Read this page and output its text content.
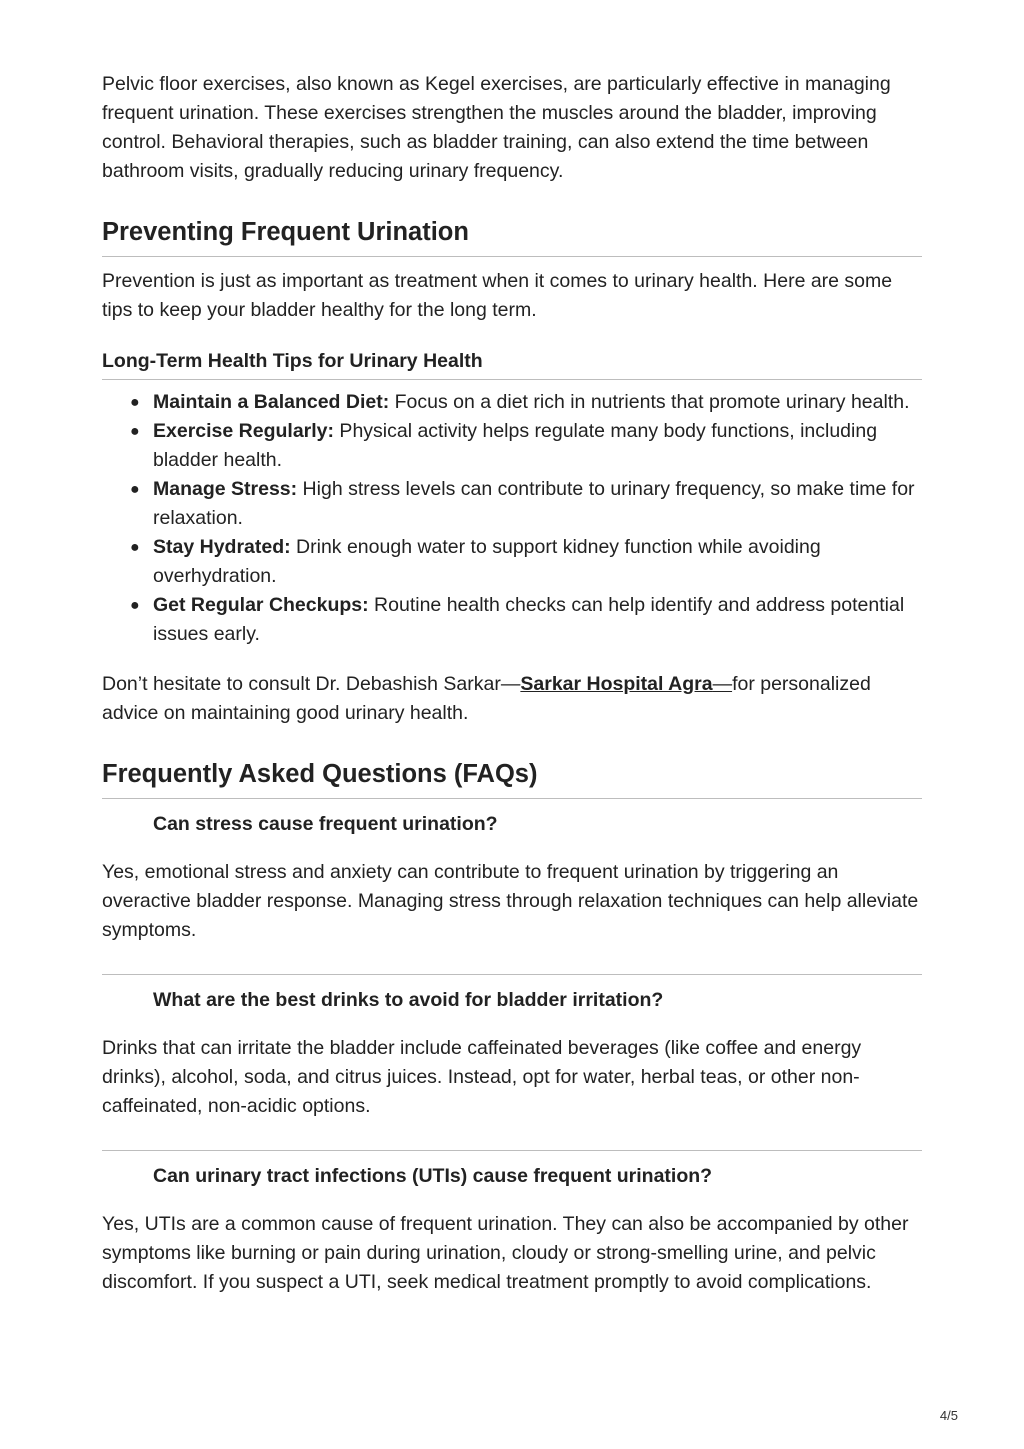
Pelvic floor exercises, also known as Kegel exercises, are particularly effective in managing frequent urination. These exercises strengthen the muscles around the bladder, improving control. Behavioral therapies, such as bladder training, can also extend the time between bathroom visits, gradually reducing urinary frequency.

Preventing Frequent Urination

Prevention is just as important as treatment when it comes to urinary health. Here are some tips to keep your bladder healthy for the long term.

Long-Term Health Tips for Urinary Health
● Maintain a Balanced Diet: Focus on a diet rich in nutrients that promote urinary health.
● Exercise Regularly: Physical activity helps regulate many body functions, including bladder health.
● Manage Stress: High stress levels can contribute to urinary frequency, so make time for relaxation.
● Stay Hydrated: Drink enough water to support kidney function while avoiding overhydration.
● Get Regular Checkups: Routine health checks can help identify and address potential issues early.

Don’t hesitate to consult Dr. Debashish Sarkar—Sarkar Hospital Agra—for personalized advice on maintaining good urinary health.

Frequently Asked Questions (FAQs)
Can stress cause frequent urination?

Yes, emotional stress and anxiety can contribute to frequent urination by triggering an overactive bladder response. Managing stress through relaxation techniques can help alleviate symptoms.

What are the best drinks to avoid for bladder irritation?

Drinks that can irritate the bladder include caffeinated beverages (like coffee and energy drinks), alcohol, soda, and citrus juices. Instead, opt for water, herbal teas, or other non-caffeinated, non-acidic options.

Can urinary tract infections (UTIs) cause frequent urination?

Yes, UTIs are a common cause of frequent urination. They can also be accompanied by other symptoms like burning or pain during urination, cloudy or strong-smelling urine, and pelvic discomfort. If you suspect a UTI, seek medical treatment promptly to avoid complications.

4/5
